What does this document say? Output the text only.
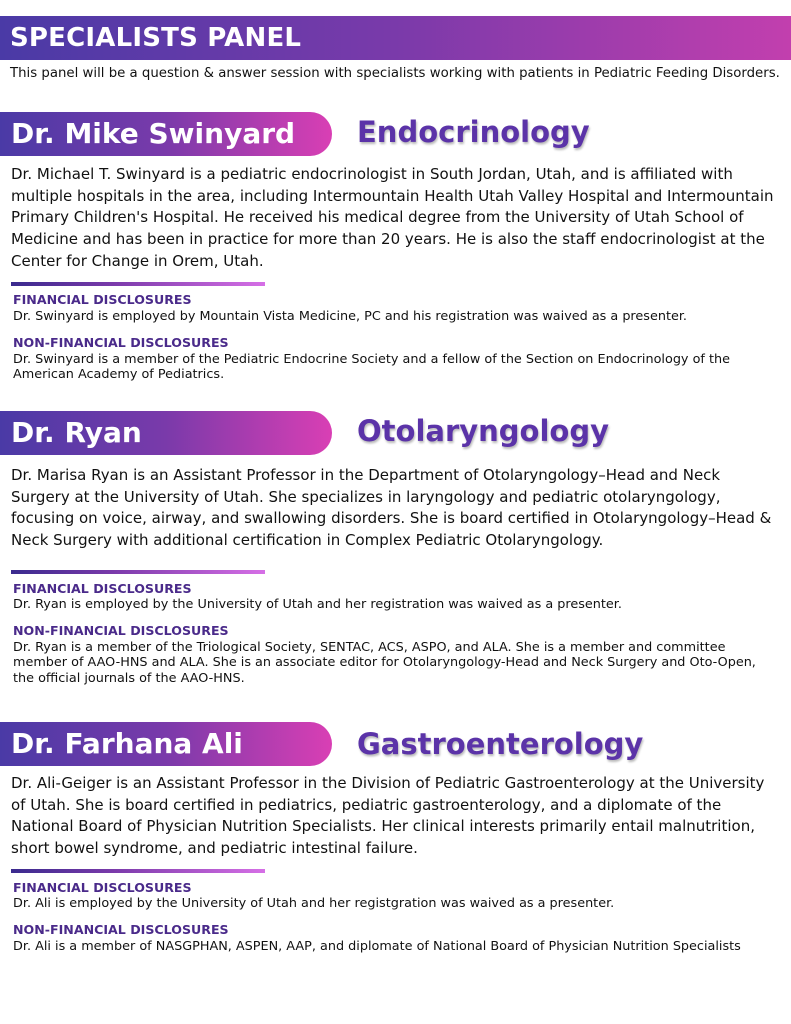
SPECIALISTS PANEL
This panel will be a question & answer session with specialists working with patients in Pediatric Feeding Disorders.
Dr. Mike Swinyard Endocrinology
Dr. Michael T. Swinyard is a pediatric endocrinologist in South Jordan, Utah, and is affiliated with multiple hospitals in the area, including Intermountain Health Utah Valley Hospital and Intermountain Primary Children's Hospital. He received his medical degree from the University of Utah School of Medicine and has been in practice for more than 20 years. He is also the staff endocrinologist at the Center for Change in Orem, Utah.
FINANCIAL DISCLOSURES
Dr. Swinyard is employed by Mountain Vista Medicine, PC and his registration was waived as a presenter.
NON-FINANCIAL DISCLOSURES
Dr. Swinyard is a member of the Pediatric Endocrine Society and a fellow of the Section on Endocrinology of the American Academy of Pediatrics.
Dr. Ryan	Otolaryngology
Dr. Marisa Ryan is an Assistant Professor in the Department of Otolaryngology–Head and Neck Surgery at the University of Utah. She specializes in laryngology and pediatric otolaryngology, focusing on voice, airway, and swallowing disorders. She is board certified in Otolaryngology–Head & Neck Surgery with additional certification in Complex Pediatric Otolaryngology.
FINANCIAL DISCLOSURES
Dr. Ryan is employed by the University of Utah and her registration was waived as a presenter.
NON-FINANCIAL DISCLOSURES
Dr. Ryan is a member of the Triological Society, SENTAC, ACS, ASPO, and ALA. She is a member and committee member of AAO-HNS and ALA. She is an associate editor for Otolaryngology-Head and Neck Surgery and Oto-Open, the official journals of the AAO-HNS.
Dr. Farhana Ali	Gastroenterology
Dr. Ali-Geiger is an Assistant Professor in the Division of Pediatric Gastroenterology at the University of Utah. She is board certified in pediatrics, pediatric gastroenterology, and a diplomate of the National Board of Physician Nutrition Specialists. Her clinical interests primarily entail malnutrition, short bowel syndrome, and pediatric intestinal failure.
FINANCIAL DISCLOSURES
Dr. Ali is employed by the University of Utah and her registgration was waived as a presenter.
NON-FINANCIAL DISCLOSURES
Dr. Ali is a member of NASGPHAN, ASPEN, AAP, and diplomate of National Board of Physician Nutrition Specialists
